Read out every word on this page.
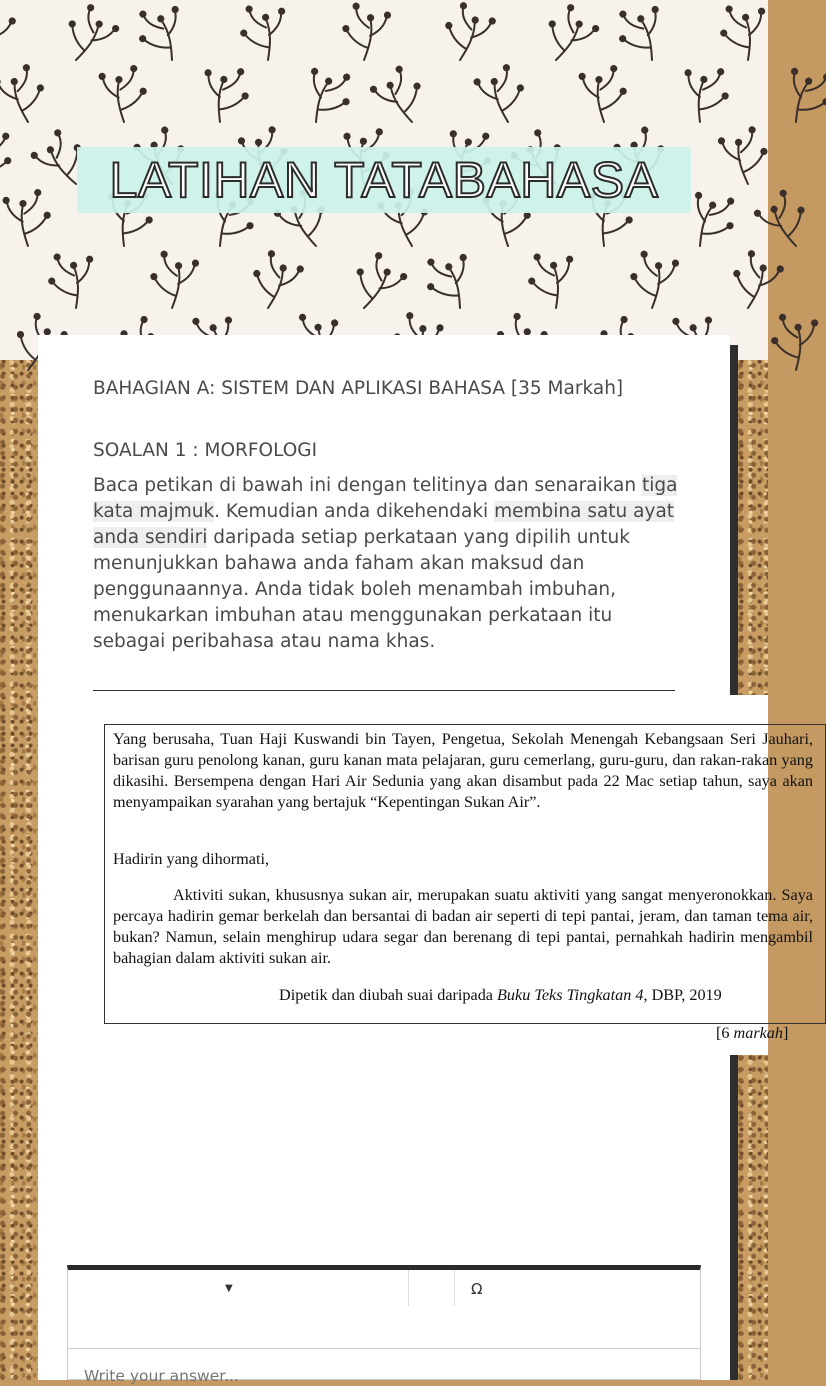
LATIHAN TATABAHASA
BAHAGIAN A: SISTEM DAN APLIKASI BAHASA [35 Markah]
SOALAN 1 : MORFOLOGI
Baca petikan di bawah ini dengan telitinya dan senaraikan tiga kata majmuk. Kemudian anda dikehendaki membina satu ayat anda sendiri daripada setiap perkataan yang dipilih untuk menunjukkan bahawa anda faham akan maksud dan penggunaannya. Anda tidak boleh menambah imbuhan, menukarkan imbuhan atau menggunakan perkataan itu sebagai peribahasa atau nama khas.

Yang berusaha, Tuan Haji Kuswandi bin Tayen, Pengetua, Sekolah Menengah Kebangsaan Seri Jauhari, barisan guru penolong kanan, guru kanan mata pelajaran, guru cemerlang, guru-guru, dan rakan-rakan yang dikasihi. Bersempena dengan Hari Air Sedunia yang akan disambut pada 22 Mac setiap tahun, saya akan menyampaikan syarahan yang bertajuk “Kepentingan Sukan Air”.

Hadirin yang dihormati,

Aktiviti sukan, khususnya sukan air, merupakan suatu aktiviti yang sangat menyeronokkan. Saya percaya hadirin gemar berkelah dan bersantai di badan air seperti di tepi pantai, jeram, dan taman tema air, bukan? Namun, selain menghirup udara segar dan berenang di tepi pantai, pernahkah hadirin mengambil bahagian dalam aktiviti sukan air.

Dipetik dan diubah suai daripada Buku Teks Tingkatan 4, DBP, 2019

[6 markah]
▼	Ω
Write your answer...
